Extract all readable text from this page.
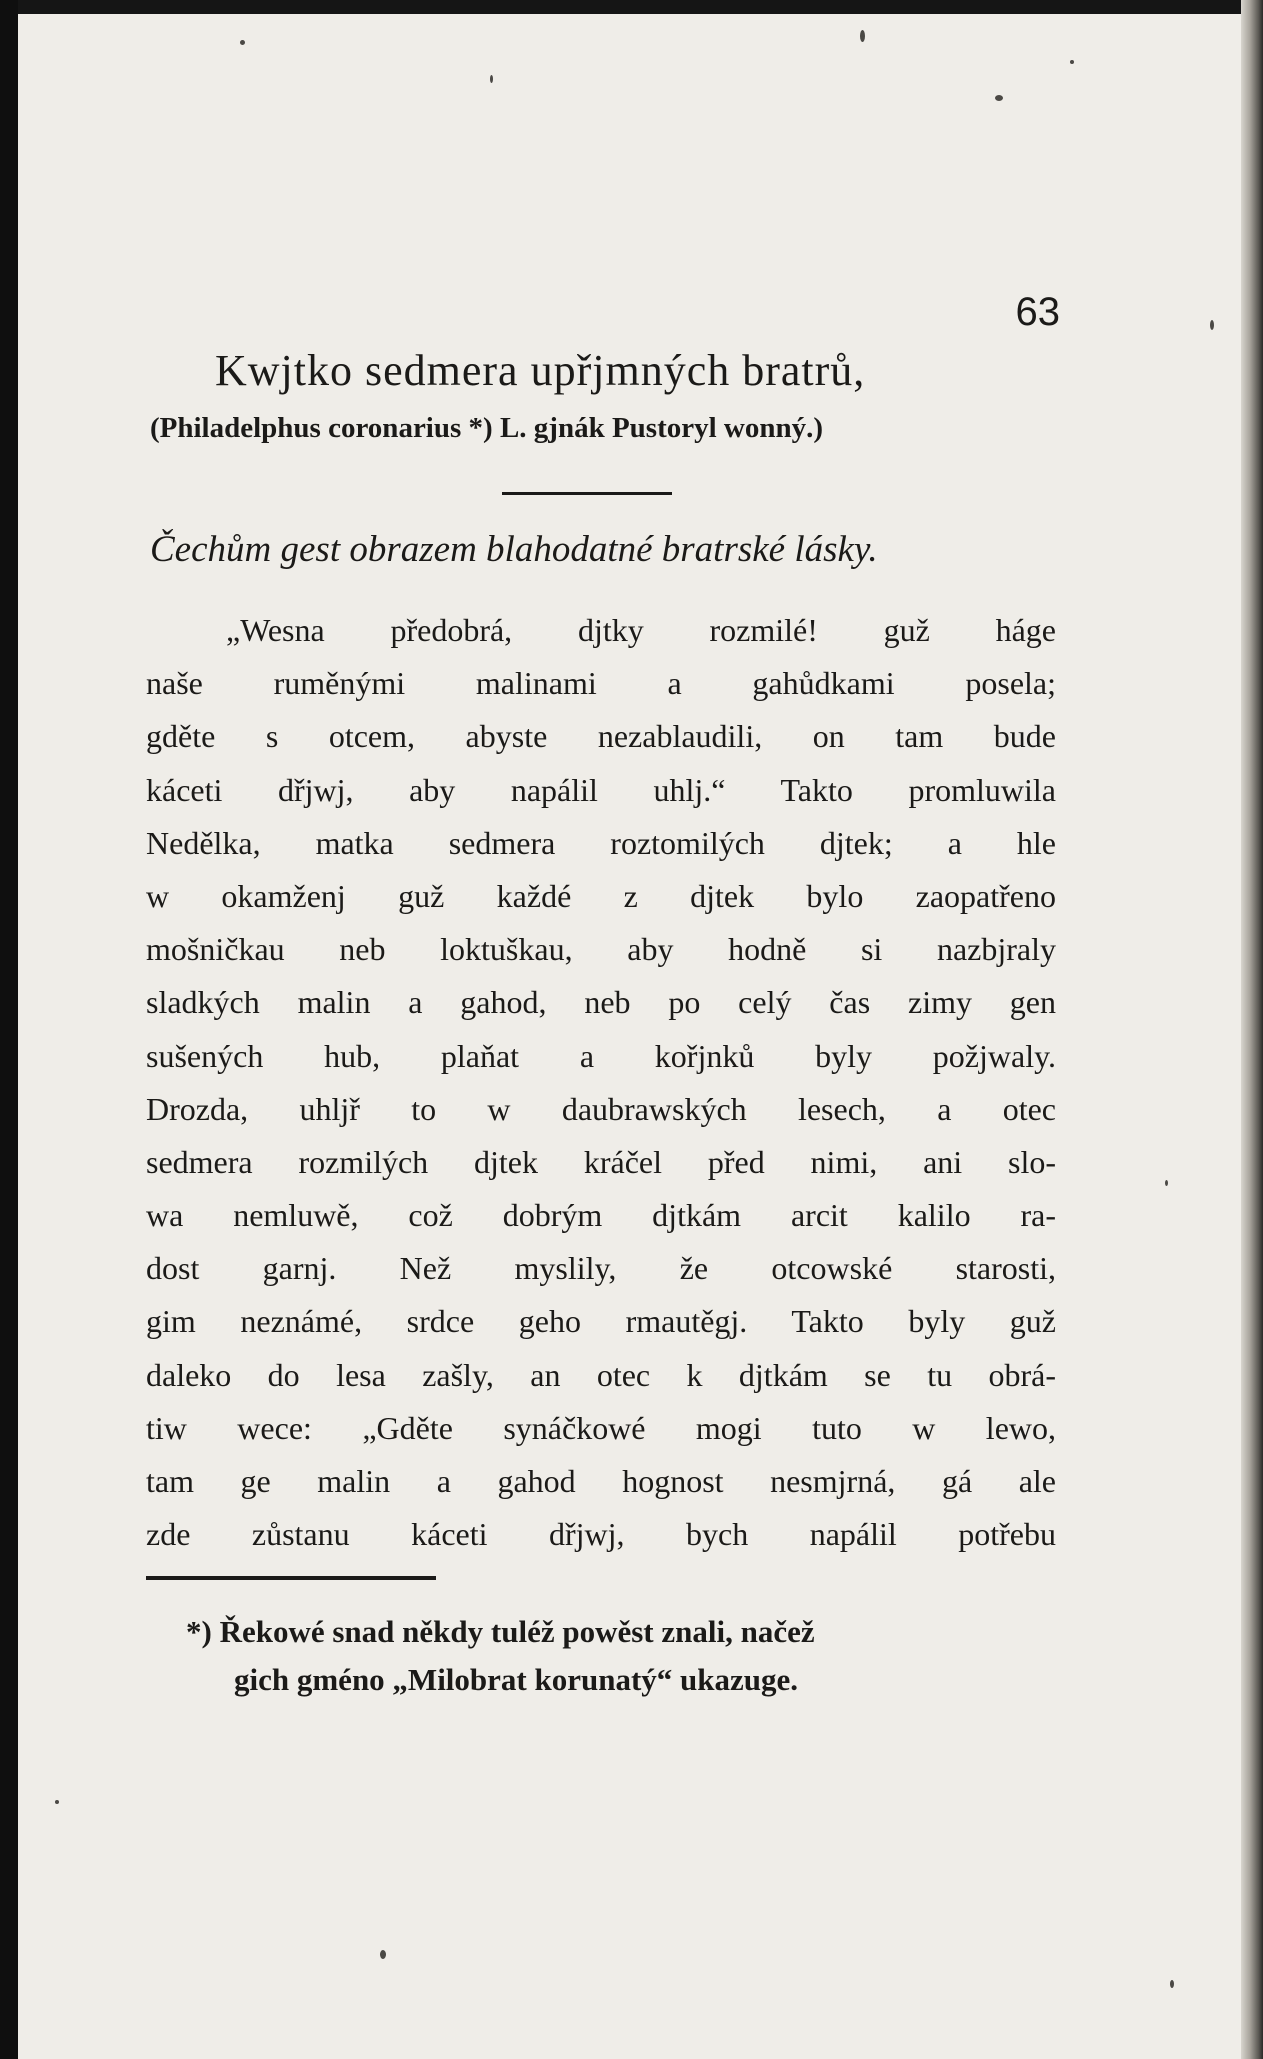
63
Kwjtko sedmera upřjmných bratrů,
(Philadelphus coronarius *) L. gjnák Pustoryl wonný.)
Čechům gest obrazem blahodatné bratrské lásky.
„Wesna předobrá, djtky rozmilé! guž háge
naše ruměnými malinami a gahůdkami posela;
gděte s otcem, abyste nezablaudili, on tam bude
káceti dřjwj, aby napálil uhlj.“ Takto promluwila
Nedělka, matka sedmera roztomilých djtek; a hle
w okamženj guž každé z djtek bylo zaopatřeno
mošničkau neb loktuškau, aby hodně si nazbjraly
sladkých malin a gahod, neb po celý čas zimy gen
sušených hub, plaňat a kořjnků byly požjwaly.
Drozda, uhljř to w daubrawských lesech, a otec
sedmera rozmilých djtek kráčel před nimi, ani slo-
wa nemluwě, což dobrým djtkám arcit kalilo ra-
dost garnj. Než myslily, že otcowské starosti,
gim neznámé, srdce geho rmautěgj. Takto byly guž
daleko do lesa zašly, an otec k djtkám se tu obrá-
tiw wece: „Gděte synáčkowé mogi tuto w lewo,
tam ge malin a gahod hognost nesmjrná, gá ale
zde zůstanu káceti dřjwj, bych napálil potřebu
*) Řekowé snad někdy tuléž powěst znali, načež
gich gméno „Milobrat korunatý“ ukazuge.
